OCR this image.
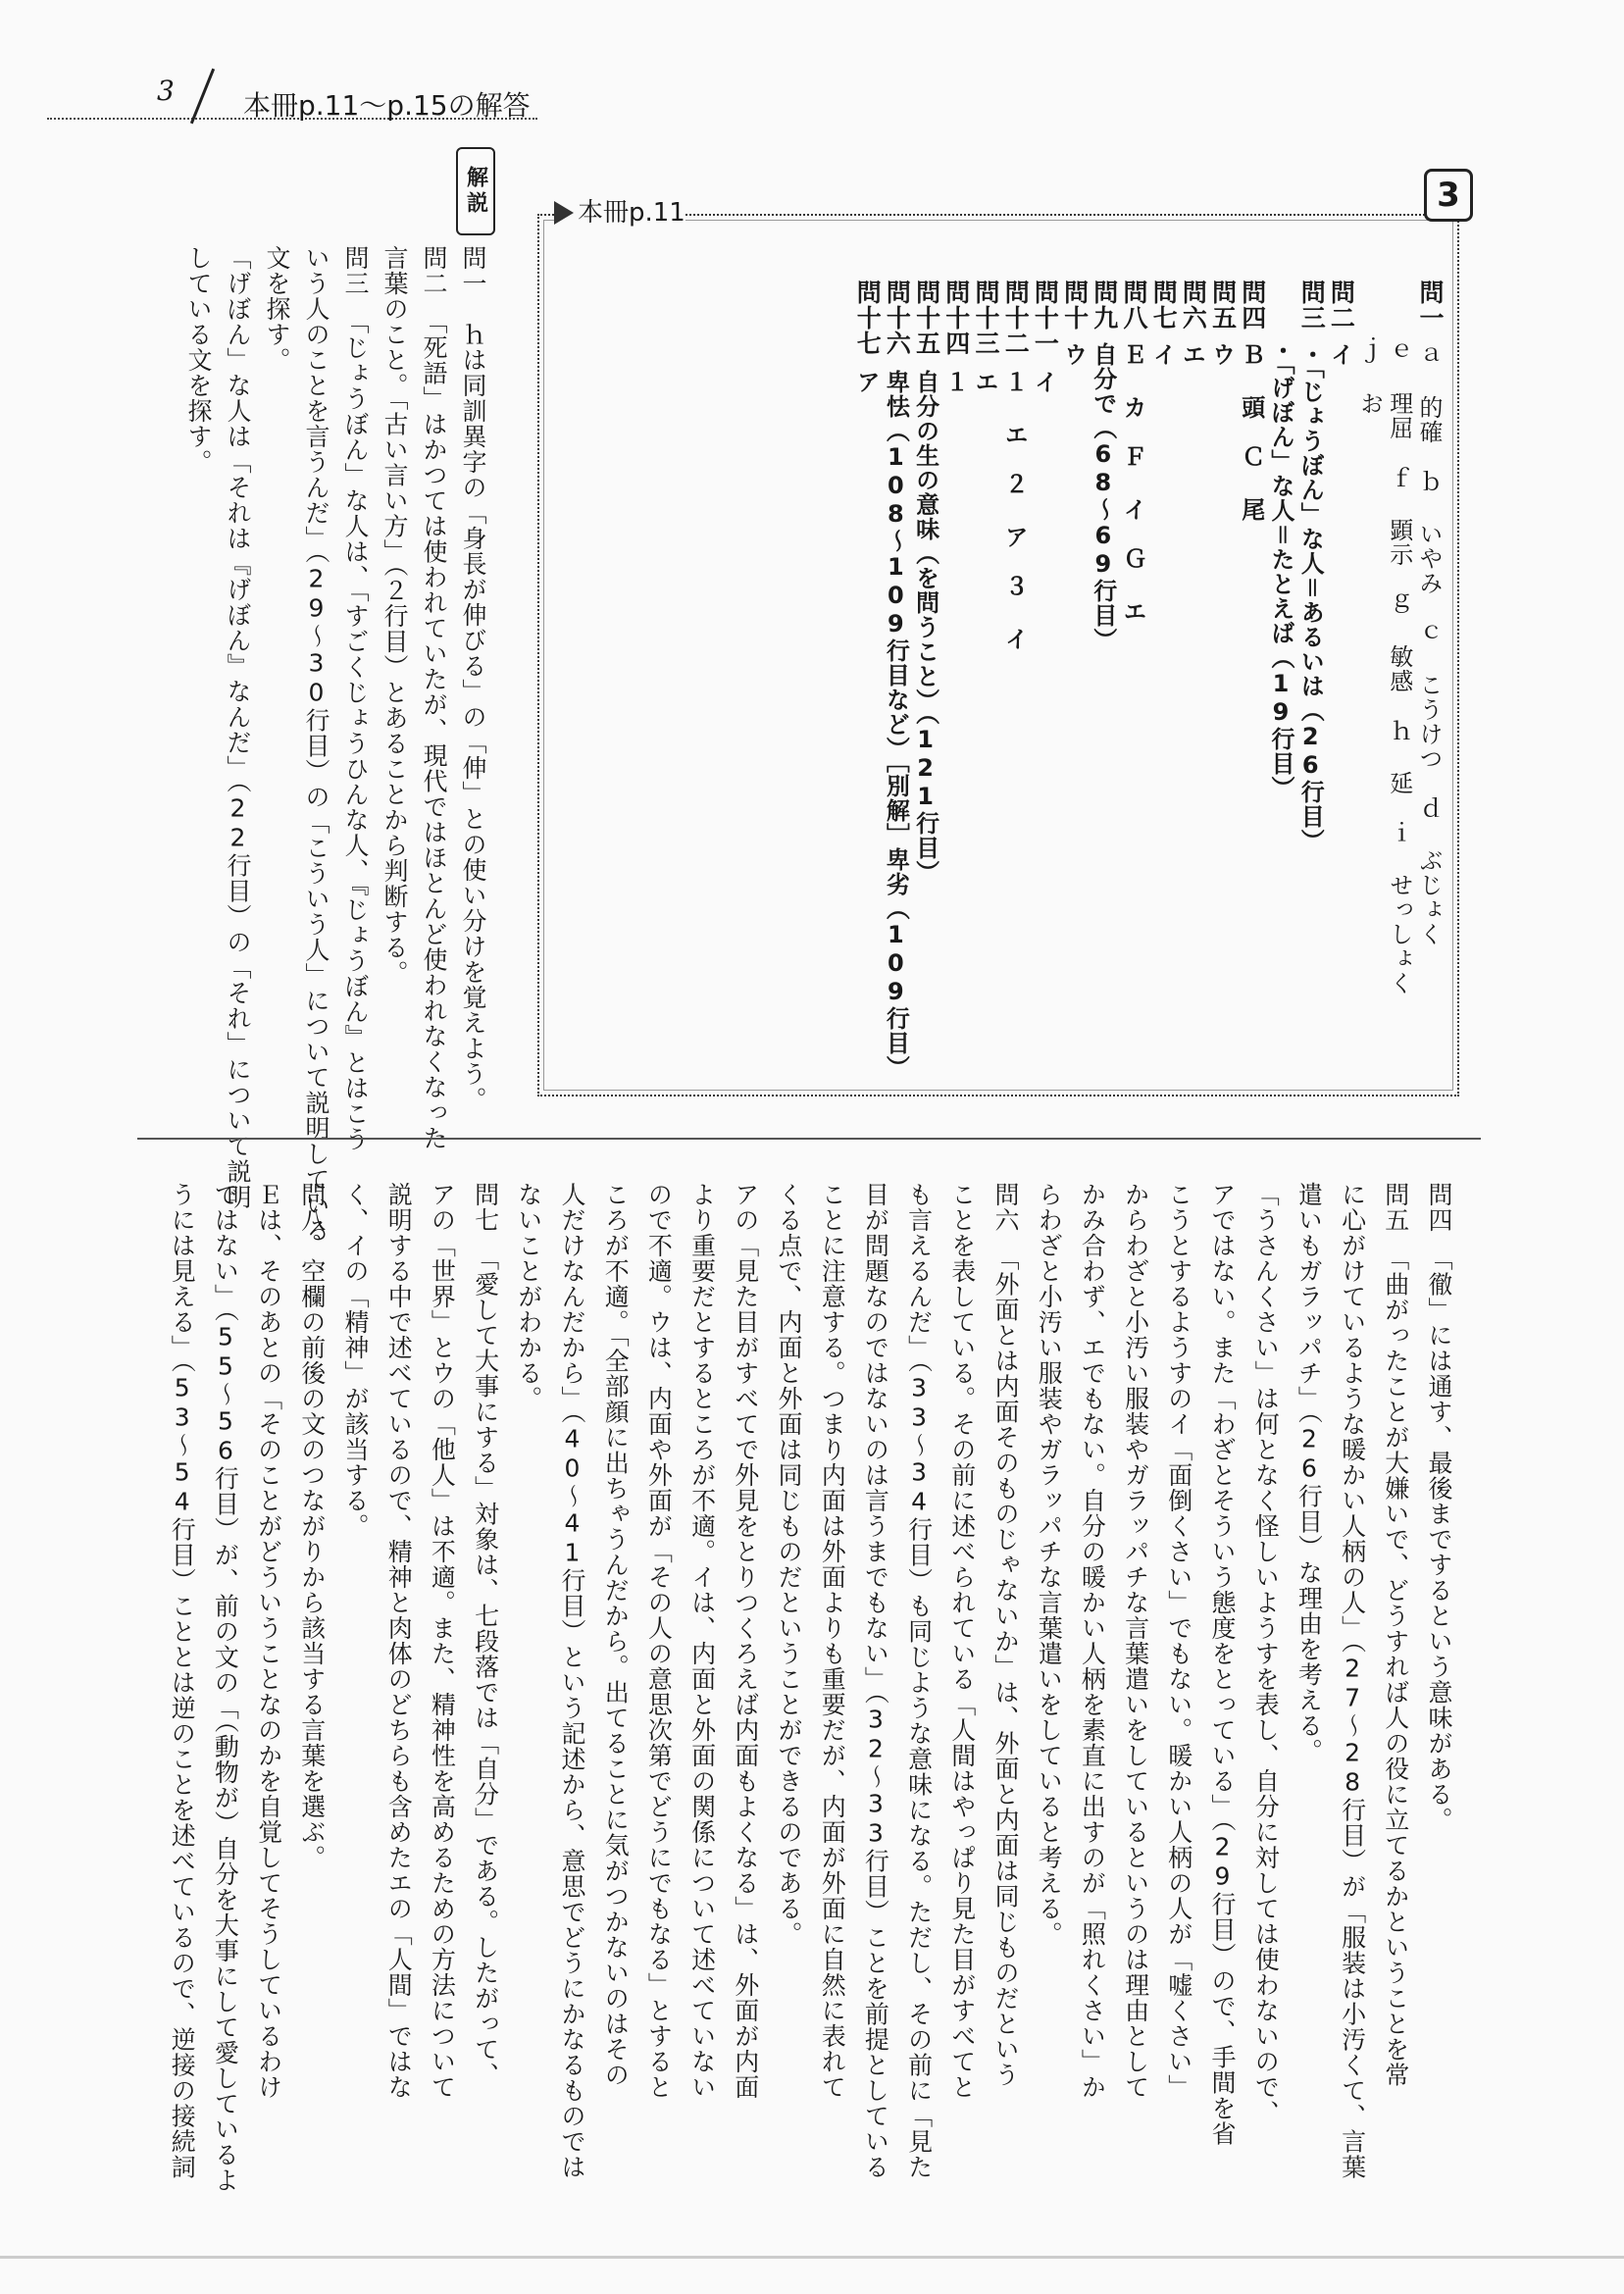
3	本冊p.11〜p.15の解答
3
本冊p.11
問一
ａ 的確　ｂ いやみ　ｃ こうけつ　ｄ ぶじょく
ｅ 理屈　ｆ 顕示　ｇ 敏感　ｈ 延　ｉ せっしょく
ｊ お
問二
イ
問三
・「じょうぼん」な人＝あるいは（26行目）
・「げぼん」な人＝たとえば（19行目）
問四
Ｂ 頭　Ｃ 尾
問五
ウ
問六
エ
問七
イ
問八
Ｅ カ　Ｆ イ　Ｇ エ
問九
自分で（68〜69行目）
問十
ウ
問十一
イ
問十二
１ エ　２ ア　３ イ
問十三
エ
問十四
１
問十五
自分の生の意味（を問うこと）（121行目）
問十六
卑怯（108〜109行目など）［別解］卑劣（109行目）
問十七
ア
解説
問一　ｈは同訓異字の「身長が伸びる」の「伸」との使い分けを覚えよう。
問二　「死語」はかつては使われていたが、現代ではほとんど使われなくなった
言葉のこと。「古い言い方」（２行目）とあることから判断する。
問三　「じょうぼん」な人は、「すごくじょうひんな人、『じょうぼん』とはこう
いう人のことを言うんだ」（29〜30行目）の「こういう人」について説明している
文を探す。
「げぼん」な人は「それは『げぼん』なんだ」（22行目）の「それ」について説明
している文を探す。
問四　「徹」には通す、最後までするという意味がある。
問五　「曲がったことが大嫌いで、どうすれば人の役に立てるかということを常
に心がけているような暖かい人柄の人」（27〜28行目）が「服装は小汚くて、言葉
遣いもガラッパチ」（26行目）な理由を考える。
「うさんくさい」は何となく怪しいようすを表し、自分に対しては使わないので、
アではない。また「わざとそういう態度をとっている」（29行目）ので、手間を省
こうとするようすのイ「面倒くさい」でもない。暖かい人柄の人が「嘘くさい」
からわざと小汚い服装やガラッパチな言葉遣いをしているというのは理由として
かみ合わず、エでもない。自分の暖かい人柄を素直に出すのが「照れくさい」か
らわざと小汚い服装やガラッパチな言葉遣いをしていると考える。
問六　「外面とは内面そのものじゃないか」は、外面と内面は同じものだという
ことを表している。その前に述べられている「人間はやっぱり見た目がすべてと
も言えるんだ」（33〜34行目）も同じような意味になる。ただし、その前に「見た
目が問題なのではないのは言うまでもない」（32〜33行目）ことを前提としている
ことに注意する。つまり内面は外面よりも重要だが、内面が外面に自然に表れて
くる点で、内面と外面は同じものだということができるのである。
アの「見た目がすべてで外見をとりつくろえば内面もよくなる」は、外面が内面
より重要だとするところが不適。イは、内面と外面の関係について述べていない
ので不適。ウは、内面や外面が「その人の意思次第でどうにでもなる」とすると
ころが不適。「全部顔に出ちゃうんだから。出てることに気がつかないのはその
人だけなんだから」（40〜41行目）という記述から、意思でどうにかなるものでは
ないことがわかる。
問七　「愛して大事にする」対象は、七段落では「自分」である。したがって、
アの「世界」とウの「他人」は不適。また、精神性を高めるための方法について
説明する中で述べているので、精神と肉体のどちらも含めたエの「人間」ではな
く、イの「精神」が該当する。
問八　空欄の前後の文のつながりから該当する言葉を選ぶ。
Ｅは、そのあとの「そのことがどういうことなのかを自覚してそうしているわけ
ではない」（55〜56行目）が、前の文の「（動物が）自分を大事にして愛しているよ
うには見える」（53〜54行目）こととは逆のことを述べているので、逆接の接続詞
